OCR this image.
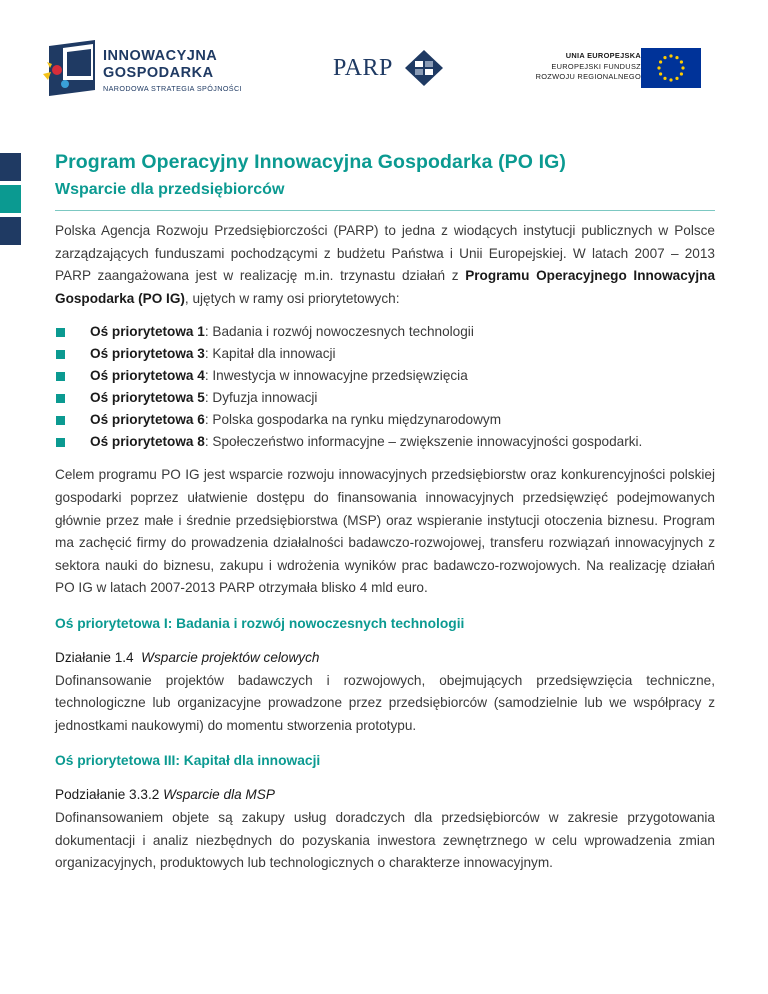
INNOWACYJNA
GOSPODARKA
NARODOWA STRATEGIA SPÓJNOŚCI
PARP	UNIA EUROPEJSKA
EUROPEJSKI FUNDUSZ
ROZWOJU REGIONALNEGO
Program Operacyjny Innowacyjna Gospodarka (PO IG)
Wsparcie dla przedsiębiorców

Polska Agencja Rozwoju Przedsiębiorczości (PARP) to jedna z wiodących instytucji publicznych w Polsce zarządzających funduszami pochodzącymi z budżetu Państwa i Unii Europejskiej. W latach 2007 – 2013 PARP zaangażowana jest w realizację m.in. trzynastu działań z Programu Operacyjnego Innowacyjna Gospodarka (PO IG), ujętych w ramy osi priorytetowych:

Oś priorytetowa 1: Badania i rozwój nowoczesnych technologii
Oś priorytetowa 3: Kapitał dla innowacji
Oś priorytetowa 4: Inwestycja w innowacyjne przedsięwzięcia
Oś priorytetowa 5: Dyfuzja innowacji
Oś priorytetowa 6: Polska gospodarka na rynku międzynarodowym
Oś priorytetowa 8: Społeczeństwo informacyjne – zwiększenie innowacyjności gospodarki.

Celem programu PO IG jest wsparcie rozwoju innowacyjnych przedsiębiorstw oraz konkurencyjności polskiej gospodarki poprzez ułatwienie dostępu do finansowania innowacyjnych przedsięwzięć podejmowanych głównie przez małe i średnie przedsiębiorstwa (MSP) oraz wspieranie instytucji otoczenia biznesu. Program ma zachęcić firmy do prowadzenia działalności badawczo-rozwojowej, transferu rozwiązań innowacyjnych z sektora nauki do biznesu, zakupu i wdrożenia wyników prac badawczo-rozwojowych. Na realizację działań PO IG w latach 2007-2013 PARP otrzymała blisko 4 mld euro.

Oś priorytetowa I: Badania i rozwój nowoczesnych technologii
Działanie 1.4 Wsparcie projektów celowych

Dofinansowanie projektów badawczych i rozwojowych, obejmujących przedsięwzięcia techniczne, technologiczne lub organizacyjne prowadzone przez przedsiębiorców (samodzielnie lub we współpracy z jednostkami naukowymi) do momentu stworzenia prototypu.

Oś priorytetowa III: Kapitał dla innowacji
Podziałanie 3.3.2 Wsparcie dla MSP

Dofinansowaniem objete są zakupy usług doradczych dla przedsiębiorców w zakresie przygotowania dokumentacji i analiz niezbędnych do pozyskania inwestora zewnętrznego w celu wprowadzenia zmian organizacyjnych, produktowych lub technologicznych o charakterze innowacyjnym.
